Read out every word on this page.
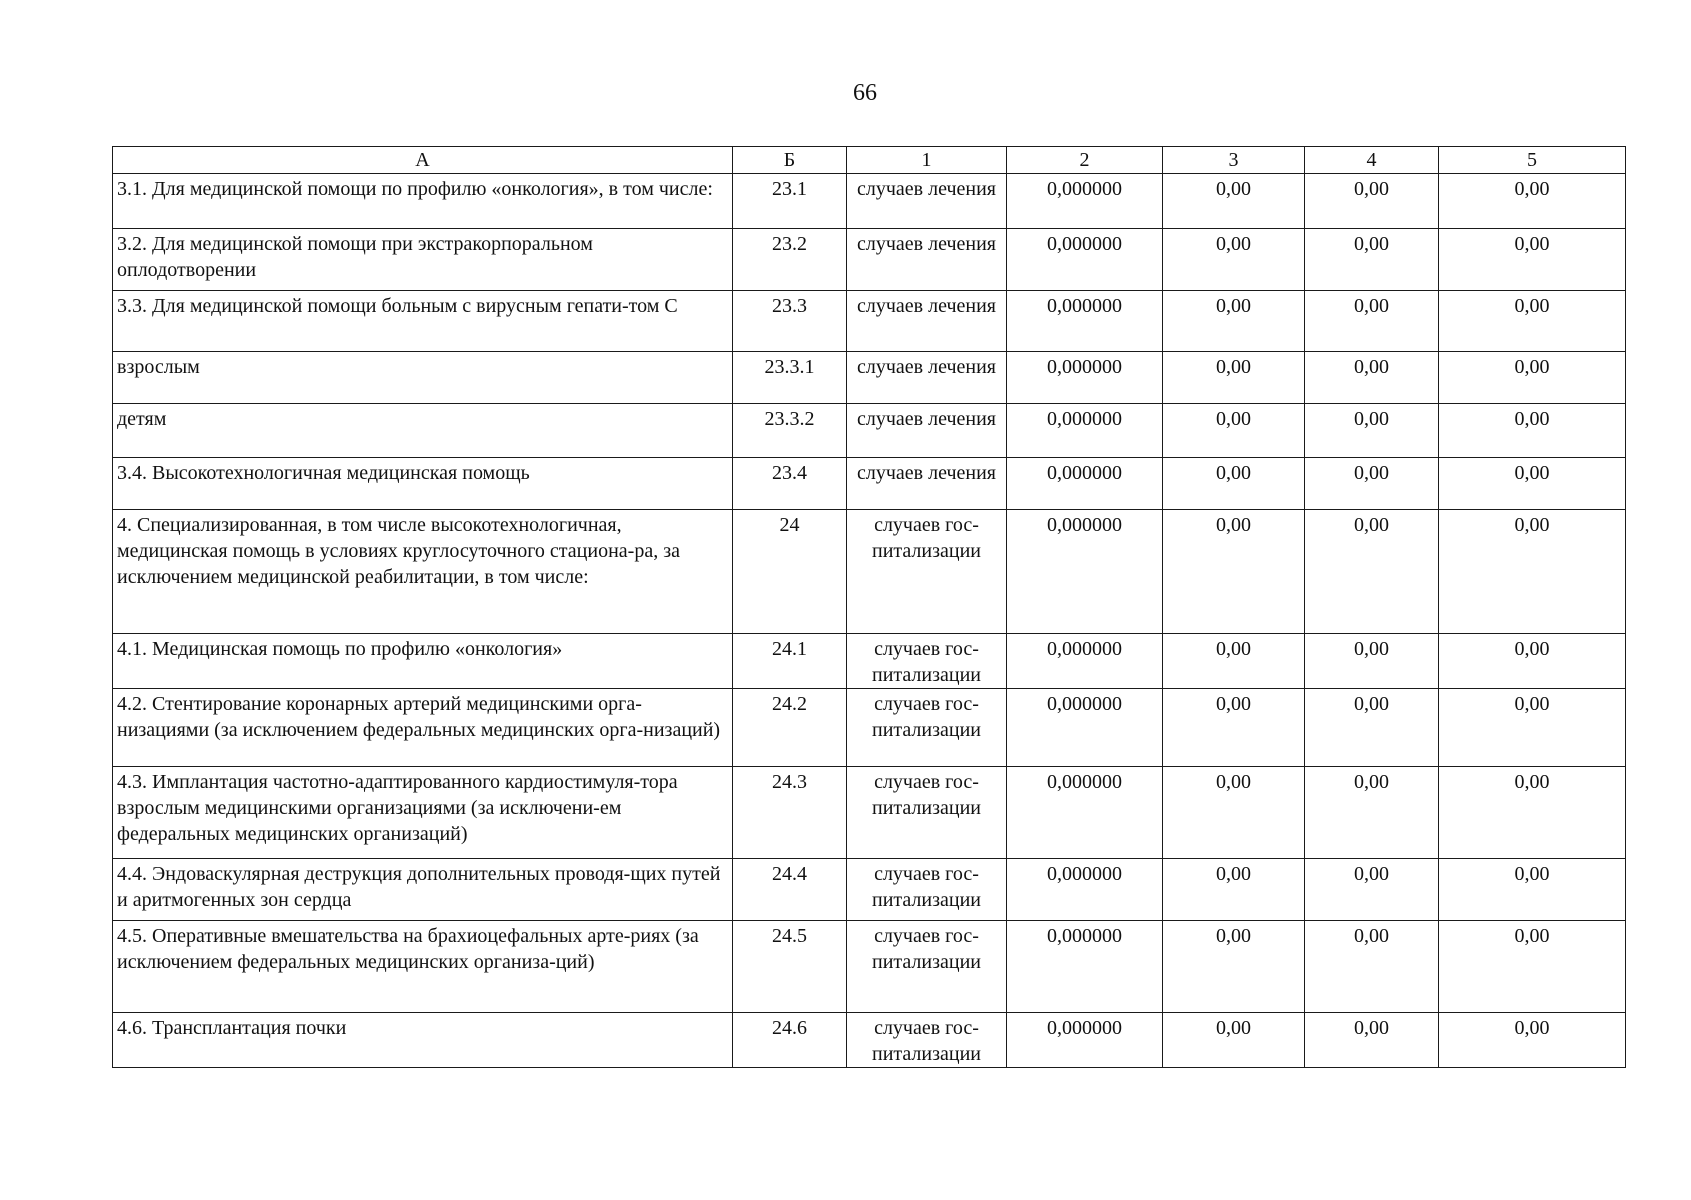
66
А	Б	1	2	3	4	5
3.1. Для медицинской помощи по профилю «онкология», в том числе:	23.1	случаев лечения	0,000000	0,00	0,00	0,00
3.2. Для медицинской помощи при экстракорпоральном оплодотворении	23.2	случаев лечения	0,000000	0,00	0,00	0,00
3.3. Для медицинской помощи больным с вирусным гепати-том С	23.3	случаев лечения	0,000000	0,00	0,00	0,00
взрослым	23.3.1	случаев лечения	0,000000	0,00	0,00	0,00
детям	23.3.2	случаев лечения	0,000000	0,00	0,00	0,00
3.4. Высокотехнологичная медицинская помощь	23.4	случаев лечения	0,000000	0,00	0,00	0,00
4. Специализированная, в том числе высокотехнологичная, медицинская помощь в условиях круглосуточного стациона-ра, за исключением медицинской реабилитации, в том числе:	24	случаев гос-питализации	0,000000	0,00	0,00	0,00
4.1. Медицинская помощь по профилю «онкология»	24.1	случаев гос-питализации	0,000000	0,00	0,00	0,00
4.2. Стентирование коронарных артерий медицинскими орга-низациями (за исключением федеральных медицинских орга-низаций)	24.2	случаев гос-питализации	0,000000	0,00	0,00	0,00
4.3. Имплантация частотно-адаптированного кардиостимуля-тора взрослым медицинскими организациями (за исключени-ем федеральных медицинских организаций)	24.3	случаев гос-питализации	0,000000	0,00	0,00	0,00
4.4. Эндоваскулярная деструкция дополнительных проводя-щих путей и аритмогенных зон сердца	24.4	случаев гос-питализации	0,000000	0,00	0,00	0,00
4.5. Оперативные вмешательства на брахиоцефальных арте-риях (за исключением федеральных медицинских организа-ций)	24.5	случаев гос-питализации	0,000000	0,00	0,00	0,00
4.6. Трансплантация почки	24.6	случаев гос-питализации	0,000000	0,00	0,00	0,00
